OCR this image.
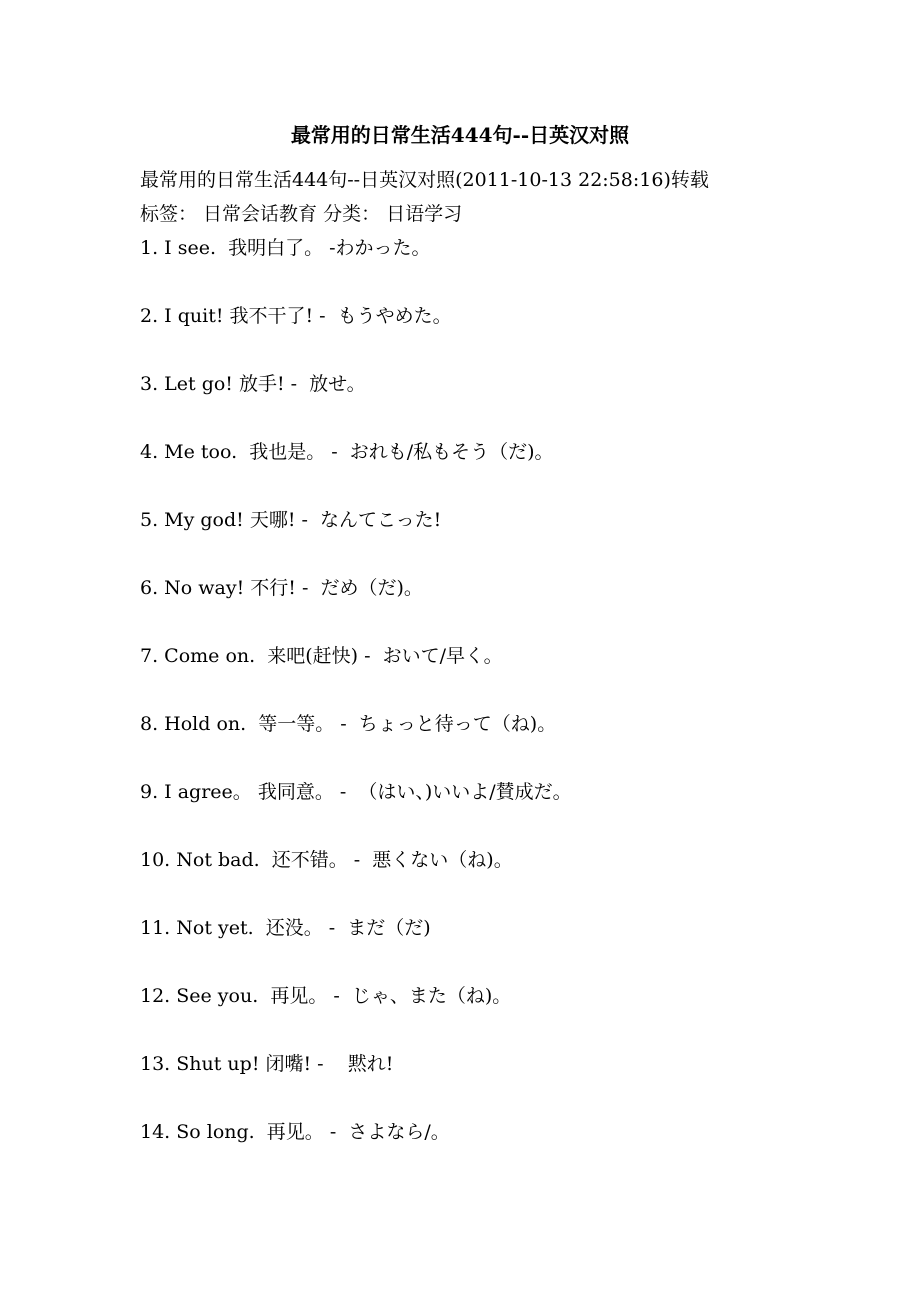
最常用的日常生活444句--日英汉对照
最常用的日常生活444句--日英汉对照(2011-10-13 22:58:16)转载
标签： 日常会话教育 分类： 日语学习
1. I see.  我明白了。 -わかった。
2. I quit! 我不干了! -  もうやめた。
3. Let go! 放手! -  放せ。
4. Me too.  我也是。 -  おれも/私もそう（だ)。
5. My god! 天哪! -  なんてこった!
6. No way! 不行! -  だめ（だ)。
7. Come on.  来吧(赶快) -  おいて/早く。
8. Hold on.  等一等。 -  ちょっと待って（ね)。
9. I agree。 我同意。 -  （はい、)いいよ/賛成だ。
10. Not bad.  还不错。 -  悪くない（ね)。
11. Not yet.  还没。 -  まだ（だ)
12. See you.  再见。 -  じゃ、また（ね)。
13. Shut up! 闭嘴! -    黙れ!
14. So long.  再见。 -  さよなら/。
